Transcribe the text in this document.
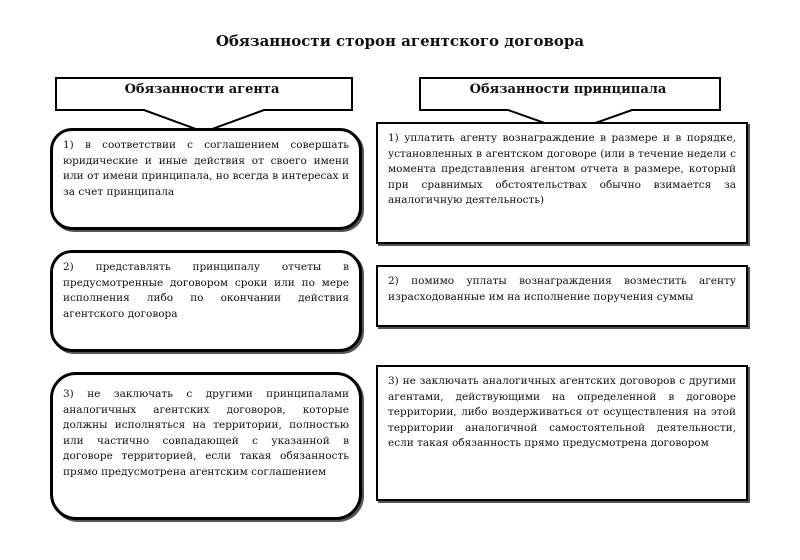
Обязанности сторон агентского договора
Обязанности агента	Обязанности принципала
1) в соответствии с соглашением совершать юридические и иные действия от своего имени или от имени принципала, но всегда в интересах и за счет принципала
2) представлять принципалу отчеты в предусмотренные договором сроки или по мере исполнения либо по окончании действия агентского договора
3) не заключать с другими принципалами аналогичных агентских договоров, которые должны исполняться на территории, полностью или частично совпадающей с указанной в договоре территорией, если такая обязанность прямо предусмотрена агентским соглашением
1) уплатить агенту вознаграждение в размере и в порядке, установленных в агентском договоре (или в течение недели с момента представления агентом отчета в размере, который при сравнимых обстоятельствах обычно взимается за аналогичную деятельность)
2) помимо уплаты вознаграждения возместить агенту израсходованные им на исполнение поручения суммы
3) не заключать аналогичных агентских договоров с другими агентами, действующими на определенной в договоре территории, либо воздерживаться от осуществления на этой территории аналогичной самостоятельной деятельности, если такая обязанность прямо предусмотрена договором
